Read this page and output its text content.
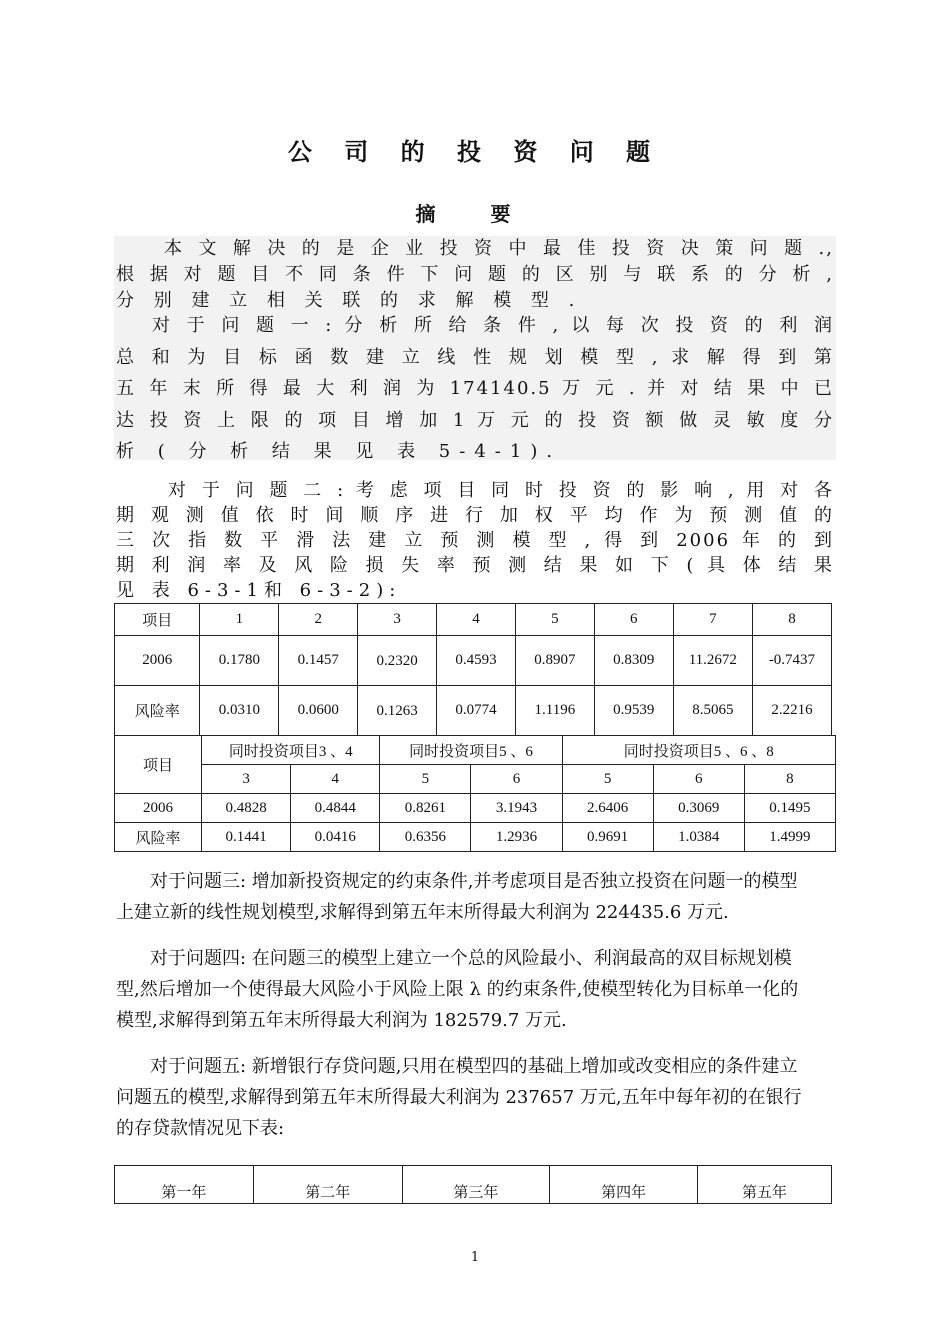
公 司 的 投 资 问 题
摘 要
本 文 解 决 的 是 企 业 投 资 中 最 佳 投 资 决 策 问 题 .,
根 据 对 题 目 不 同 条 件 下 问 题 的 区 别 与 联 系 的 分 析 ,
分 别 建 立 相 关 联 的 求 解 模 型 .
对 于 问 题 一 : 分 析 所 给 条 件 , 以 每 次 投 资 的 利 润
总 和 为 目 标 函 数 建 立 线 性 规 划 模 型 , 求 解 得 到 第
五 年 末 所 得 最 大 利 润 为 174140.5 万 元 . 并 对 结 果 中 已
达 投 资 上 限 的 项 目 增 加 1 万 元 的 投 资 额 做 灵 敏 度 分
析 ( 分 析 结 果 见 表 5-4-1).
对 于 问 题 二 : 考 虑 项 目 同 时 投 资 的 影 响 , 用 对 各
期 观 测 值 依 时 间 顺 序 进 行 加 权 平 均 作 为 预 测 值 的
三 次 指 数 平 滑 法 建 立 预 测 模 型 , 得 到 2006 年 的 到
期 利 润 率 及 风 险 损 失 率 预 测 结 果 如 下 ( 具 体 结 果
见 表 6-3-1和 6-3-2):
项目	1	2	3	4	5	6	7	8
2006	0.1780	0.1457	0.2320	0.4593	0.8907	0.8309	11.2672	-0.7437
风险率	0.0310	0.0600	0.1263	0.0774	1.1196	0.9539	8.5065	2.2216
项目	同时投资项目3 、4		同时投资项目5 、6		同时投资项目5 、6 、8		
	3	4	5	6	5	6	8
2006	0.4828	0.4844	0.8261	3.1943	2.6406	0.3069	0.1495
风险率	0.1441	0.0416	0.6356	1.2936	0.9691	1.0384	1.4999
对于问题三: 增加新投资规定的约束条件,并考虑项目是否独立投资在问题一的模型
上建立新的线性规划模型,求解得到第五年末所得最大利润为 224435.6 万元.
对于问题四: 在问题三的模型上建立一个总的风险最小、利润最高的双目标规划模
型,然后增加一个使得最大风险小于风险上限 λ 的约束条件,使模型转化为目标单一化的
模型,求解得到第五年末所得最大利润为 182579.7 万元.
对于问题五: 新增银行存贷问题,只用在模型四的基础上增加或改变相应的条件建立
问题五的模型,求解得到第五年末所得最大利润为 237657 万元,五年中每年初的在银行
的存贷款情况见下表:
第一年	第二年	第三年	第四年	第五年
1
